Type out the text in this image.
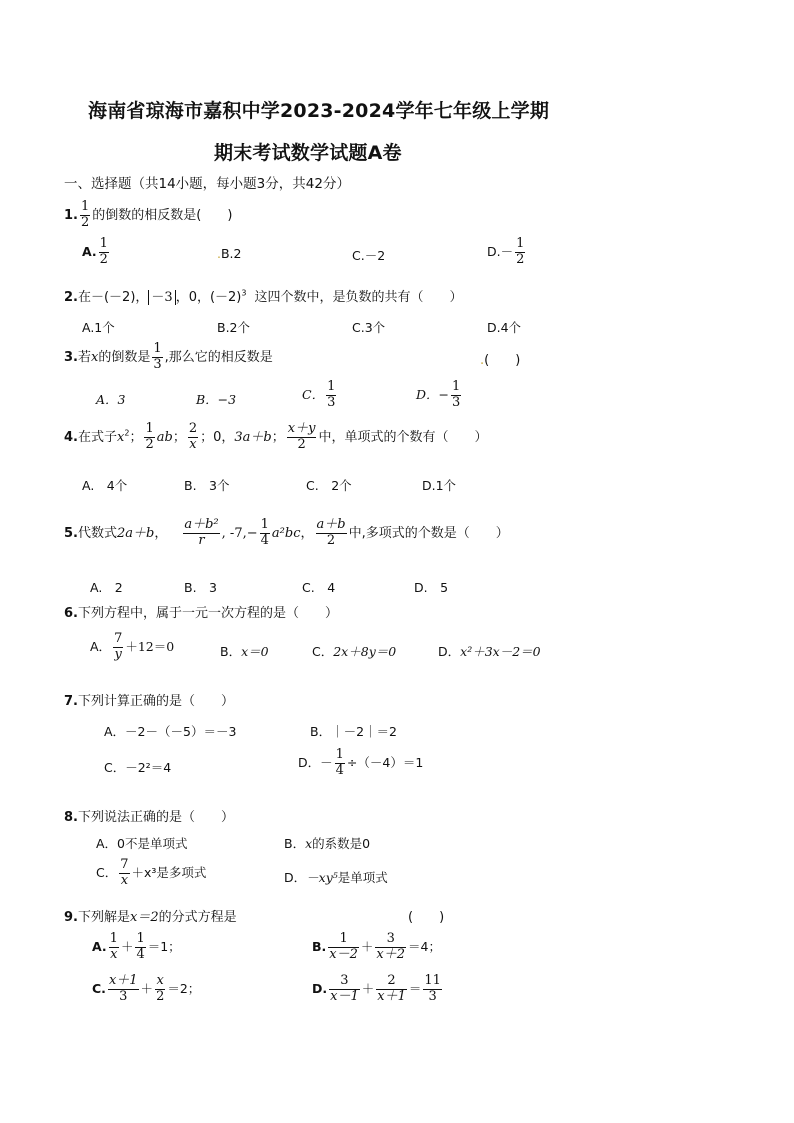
海南省琼海市嘉积中学2023-2024学年七年级上学期
期末考试数学试题A卷
一、选择题（共14小题，每小题3分，共42分）
1. $\frac{1}{2}$ 的倒数的相反数是(　　)
A. $\frac{1}{2}$	.B.2	C.－2	$D.- \frac{1}{2}$
2.在－(－2)， －3 ，0，$(-2)^3$ 这四个数中，是负数的共有（　　）
A.1个	B.2个	C.3个	D.4个
3.若x的倒数是 $\frac{1}{3}$ ,那么它的相反数是	.(　　)
A．3	B．−3	C． $\frac{1}{3}$	D．− $\frac{1}{3}$
4.在式子$x^2$； $\frac{1}{2}$ ab； $\frac{2}{x}$ ；0，3a＋b； $\frac{x+y}{2}$ 中，单项式的个数有（　　）
A.　4个	B.　3个	C.　2个	D.1个
5.代数式2a＋b， $\frac{\text{a＋b²}}{r}$ , $-7,- \frac{1}{4} a^2bc$， $\frac{a+b}{2}$ 中,多项式的个数是（　　）
A.　2	B.　3	C.　4	D.　5
6.下列方程中，属于一元一次方程的是（　　）
A． $\frac{7}{y} +12=0$	B．x＝0	C．2x＋8y＝0	D．x²＋3x－2＝0
7.下列计算正确的是（　　）
A．－2－（－5）＝－3	B．｜－2｜＝2
C．－2²＝4	D．－ $\frac{1}{4} \div(-4)=1$
8.下列说法正确的是（　　）
A．0不是单项式	B．x的系数是0
C． $\frac{7}{x} +x^3$是多项式	D．－xy⁵是单项式
9.下列解是x＝2的分式方程是	(　　)
A. $\frac{1}{x} + \frac{1}{4} =1$；	B. $\frac{1}{x-2} + \frac{3}{x+2} =4$；
C. $\frac{x+1}{3} + \frac{x}{2} =2$；	D. $\frac{3}{x-1} + \frac{2}{x+1} = \frac{11}{3}$
